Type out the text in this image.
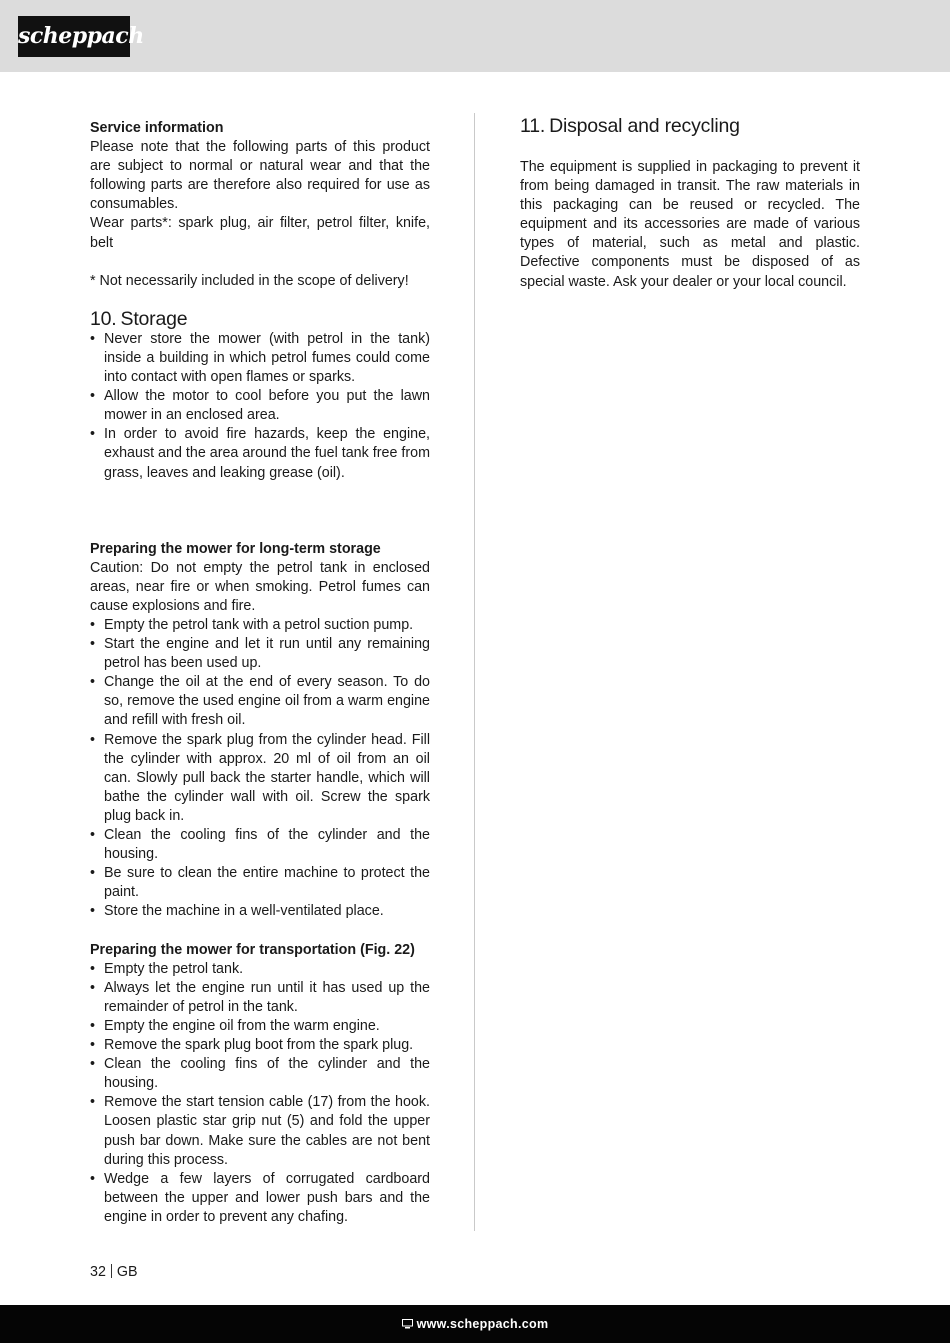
scheppach
Service information

Please note that the following parts of this product are subject to normal or natural wear and that the following parts are therefore also required for use as consumables.

Wear parts*: spark plug, air filter, petrol filter, knife, belt

* Not necessarily included in the scope of delivery!

10. Storage
• Never store the mower (with petrol in the tank) inside a building in which petrol fumes could come into contact with open flames or sparks.
• Allow the motor to cool before you put the lawn mower in an enclosed area.
• In order to avoid fire hazards, keep the engine, exhaust and the area around the fuel tank free from grass, leaves and leaking grease (oil).
Preparing the mower for long-term storage

Caution: Do not empty the petrol tank in enclosed areas, near fire or when smoking. Petrol fumes can cause explosions and fire.

• Empty the petrol tank with a petrol suction pump.
• Start the engine and let it run until any remaining petrol has been used up.
• Change the oil at the end of every season. To do so, remove the used engine oil from a warm engine and refill with fresh oil.
• Remove the spark plug from the cylinder head. Fill the cylinder with approx. 20 ml of oil from an oil can. Slowly pull back the starter handle, which will bathe the cylinder wall with oil. Screw the spark plug back in.
• Clean the cooling fins of the cylinder and the housing.
• Be sure to clean the entire machine to protect the paint.
• Store the machine in a well-ventilated place.
Preparing the mower for transportation (Fig. 22)
• Empty the petrol tank.
• Always let the engine run until it has used up the remainder of petrol in the tank.
• Empty the engine oil from the warm engine.
• Remove the spark plug boot from the spark plug.
• Clean the cooling fins of the cylinder and the housing.
• Remove the start tension cable (17) from the hook. Loosen plastic star grip nut (5) and fold the upper push bar down. Make sure the cables are not bent during this process.
• Wedge a few layers of corrugated cardboard between the upper and lower push bars and the engine in order to prevent any chafing.
11. Disposal and recycling

The equipment is supplied in packaging to prevent it from being damaged in transit. The raw materials in this packaging can be reused or recycled. The equipment and its accessories are made of various types of material, such as metal and plastic. Defective components must be disposed of as special waste. Ask your dealer or your local council.

32 GB
www.scheppach.com
